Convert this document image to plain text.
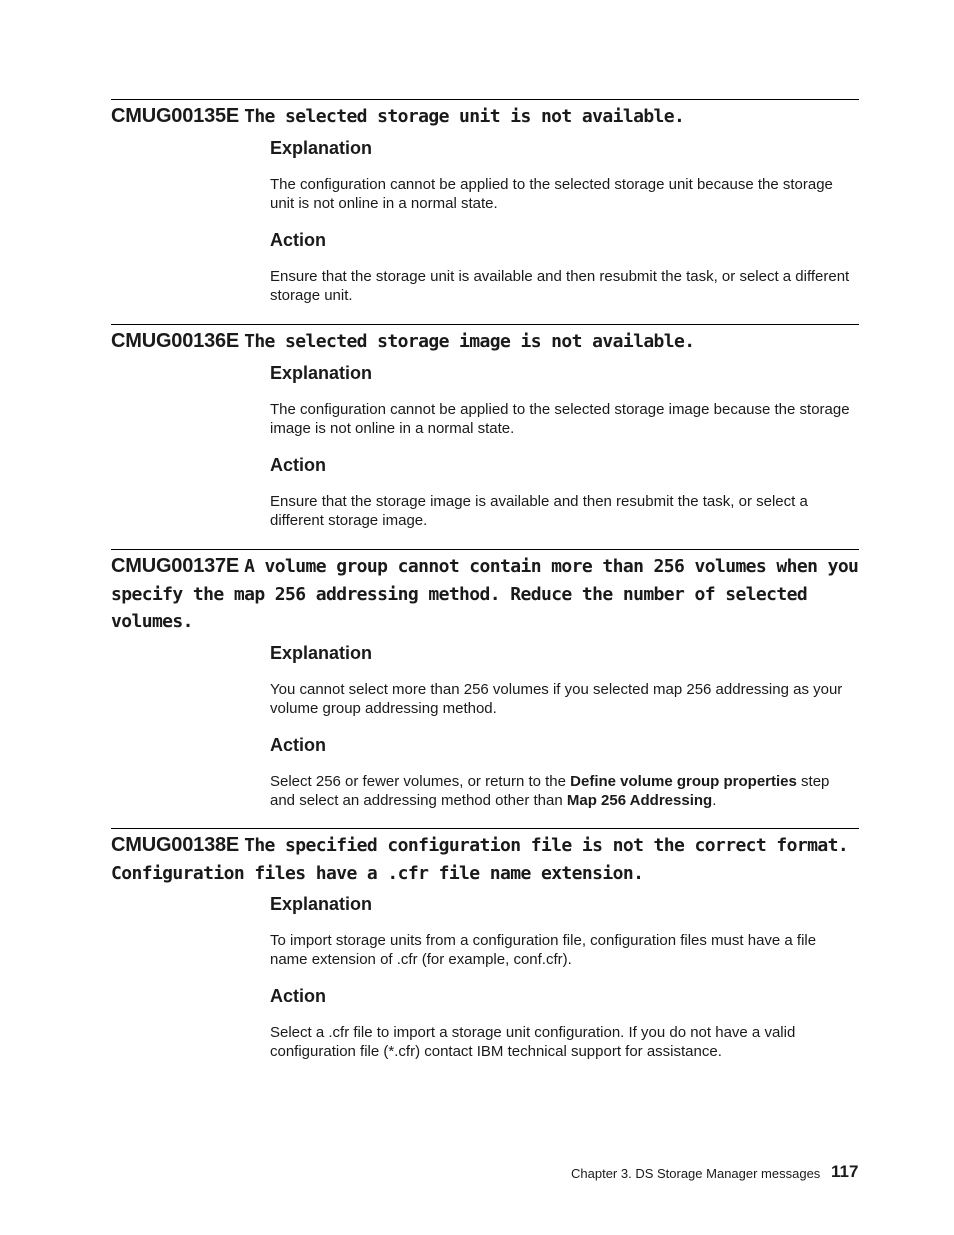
CMUG00135E The selected storage unit is not available.
Explanation

The configuration cannot be applied to the selected storage unit because the storage unit is not online in a normal state.

Action

Ensure that the storage unit is available and then resubmit the task, or select a different storage unit.

CMUG00136E The selected storage image is not available.
Explanation

The configuration cannot be applied to the selected storage image because the storage image is not online in a normal state.

Action

Ensure that the storage image is available and then resubmit the task, or select a different storage image.

CMUG00137E A volume group cannot contain more than 256 volumes when you specify the map 256 addressing method. Reduce the number of selected volumes.
Explanation

You cannot select more than 256 volumes if you selected map 256 addressing as your volume group addressing method.

Action

Select 256 or fewer volumes, or return to the Define volume group properties step and select an addressing method other than Map 256 Addressing.

CMUG00138E The specified configuration file is not the correct format. Configuration files have a .cfr file name extension.
Explanation

To import storage units from a configuration file, configuration files must have a file name extension of .cfr (for example, conf.cfr).

Action

Select a .cfr file to import a storage unit configuration. If you do not have a valid configuration file (*.cfr) contact IBM technical support for assistance.

Chapter 3. DS Storage Manager messages 117
